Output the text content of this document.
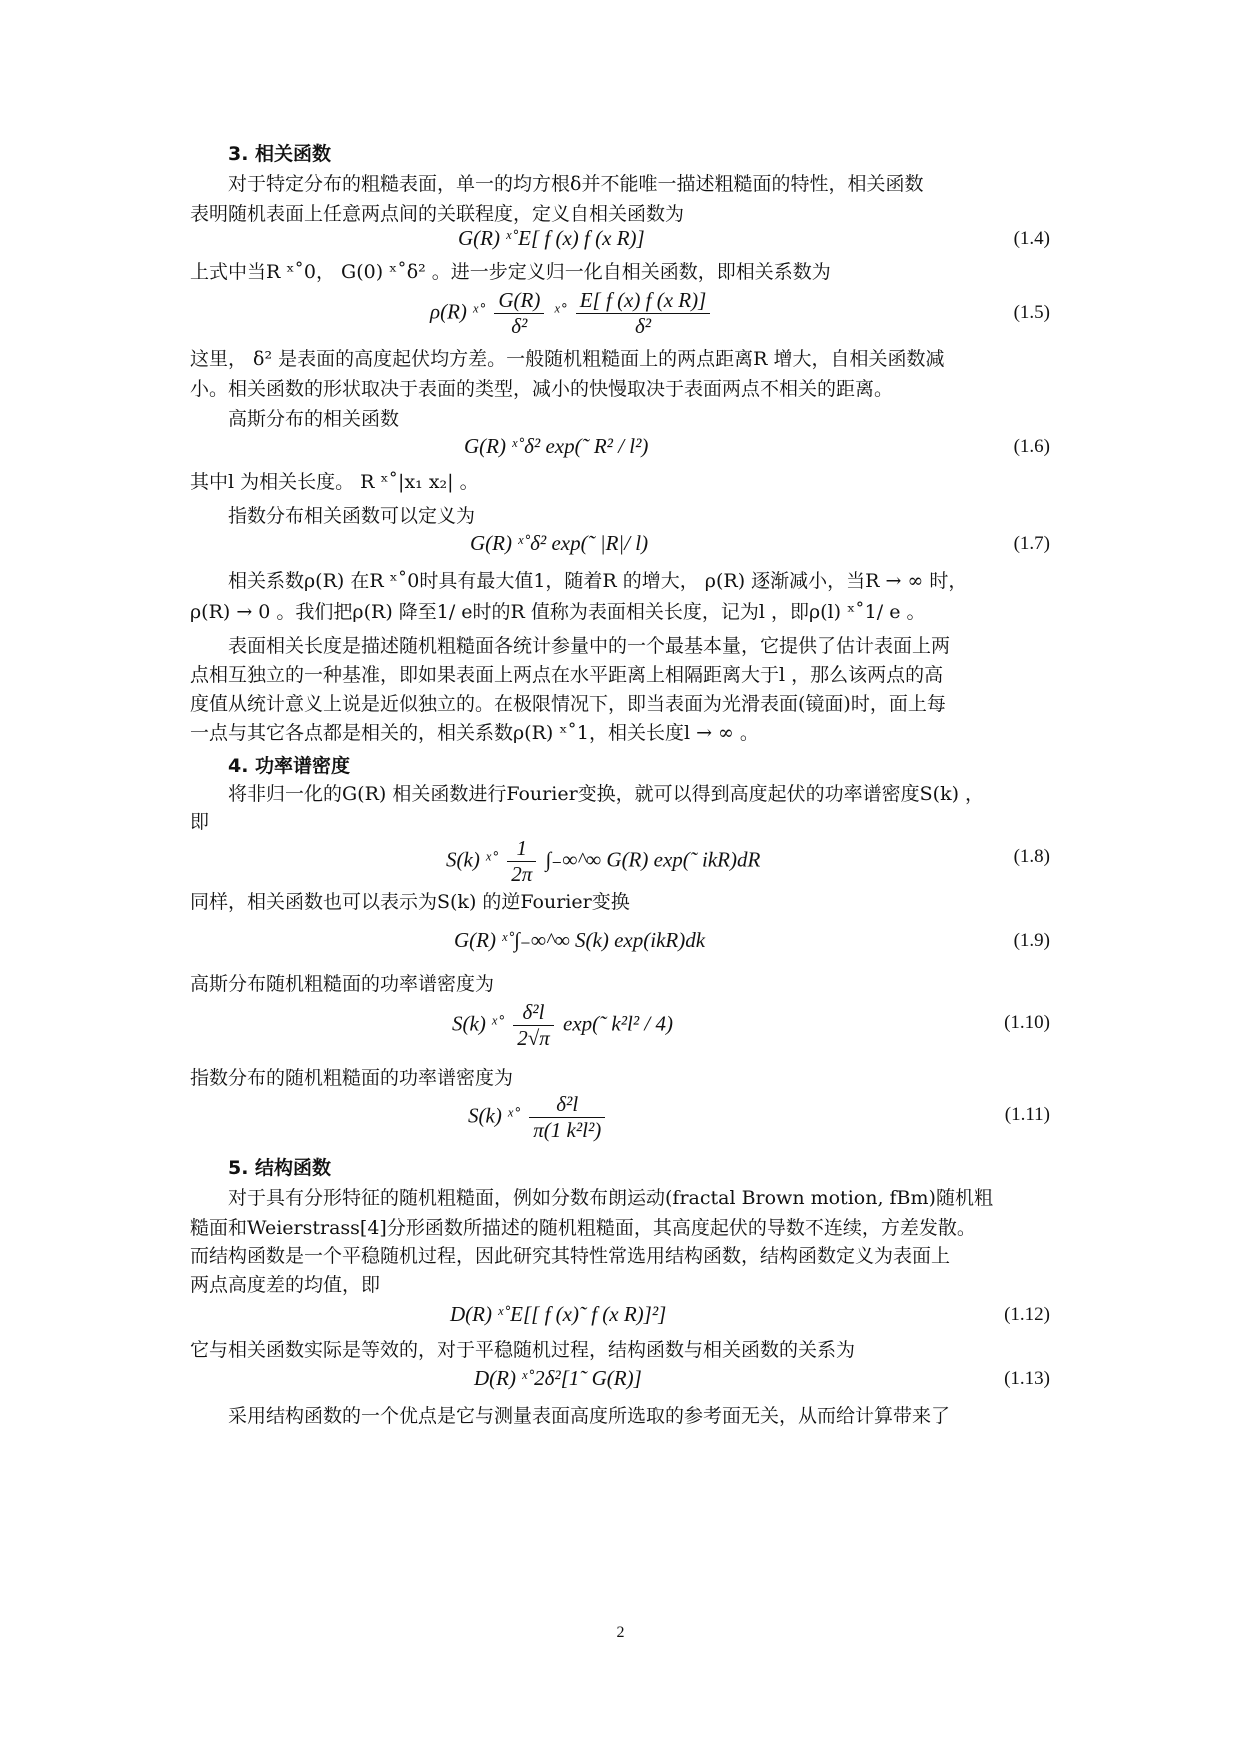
3. 相关函数
对于特定分布的粗糙表面，单一的均方根δ并不能唯一描述粗糙面的特性，相关函数
表明随机表面上任意两点间的关联程度，定义自相关函数为
G(R) ˣ˚E[ f (x) f (x R)]	(1.4)
上式中当R ˣ˚0， G(0) ˣ˚δ² 。进一步定义归一化自相关函数，即相关系数为
ρ(R) ˣ˚ $\frac{G(R)}{\text{δ²}}$ ˣ˚ $\frac{\text{E[ f (x) f (x R)]}}{\text{δ²}}$	(1.5)
这里， δ² 是表面的高度起伏均方差。一般随机粗糙面上的两点距离R 增大，自相关函数减
小。相关函数的形状取决于表面的类型，减小的快慢取决于表面两点不相关的距离。
高斯分布的相关函数
G(R) ˣ˚δ² exp(˜ R² / l²)	(1.6)
其中l 为相关长度。 R ˣ˚|x₁ x₂| 。
指数分布相关函数可以定义为
G(R) ˣ˚δ² exp(˜ |R|/ l)	(1.7)
相关系数ρ(R) 在R ˣ˚0时具有最大值1，随着R 的增大， ρ(R) 逐渐减小，当R → ∞ 时，
ρ(R) → 0 。我们把ρ(R) 降至1/ e时的R 值称为表面相关长度，记为l ，即ρ(l) ˣ˚1/ e 。
表面相关长度是描述随机粗糙面各统计参量中的一个最基本量，它提供了估计表面上两
点相互独立的一种基准，即如果表面上两点在水平距离上相隔距离大于l ，那么该两点的高
度值从统计意义上说是近似独立的。在极限情况下，即当表面为光滑表面(镜面)时，面上每
一点与其它各点都是相关的，相关系数ρ(R) ˣ˚1，相关长度l → ∞ 。
4. 功率谱密度
将非归一化的G(R) 相关函数进行Fourier变换，就可以得到高度起伏的功率谱密度S(k) ，
即
S(k) ˣ˚ $\frac{1}{2\pi}$ ∫₋∞^∞ G(R) exp(˜ ikR)dR	(1.8)
同样，相关函数也可以表示为S(k) 的逆Fourier变换
G(R) ˣ˚∫₋∞^∞ S(k) exp(ikR)dk	(1.9)
高斯分布随机粗糙面的功率谱密度为
S(k) ˣ˚ $\frac{\text{δ²l}}{2√\pi}$ exp(˜ k²l² / 4)	(1.10)
指数分布的随机粗糙面的功率谱密度为
S(k) ˣ˚ $\frac{\text{δ²l}}{\text{π(1 k²l²)}}$	(1.11)
5. 结构函数
对于具有分形特征的随机粗糙面，例如分数布朗运动(fractal Brown motion, fBm)随机粗
糙面和Weierstrass[4]分形函数所描述的随机粗糙面，其高度起伏的导数不连续，方差发散。
而结构函数是一个平稳随机过程，因此研究其特性常选用结构函数，结构函数定义为表面上
两点高度差的均值，即
D(R) ˣ˚E[[ f (x)˜ f (x R)]²]	(1.12)
它与相关函数实际是等效的，对于平稳随机过程，结构函数与相关函数的关系为
D(R) ˣ˚2δ²[1˜ G(R)]	(1.13)
采用结构函数的一个优点是它与测量表面高度所选取的参考面无关，从而给计算带来了
2
